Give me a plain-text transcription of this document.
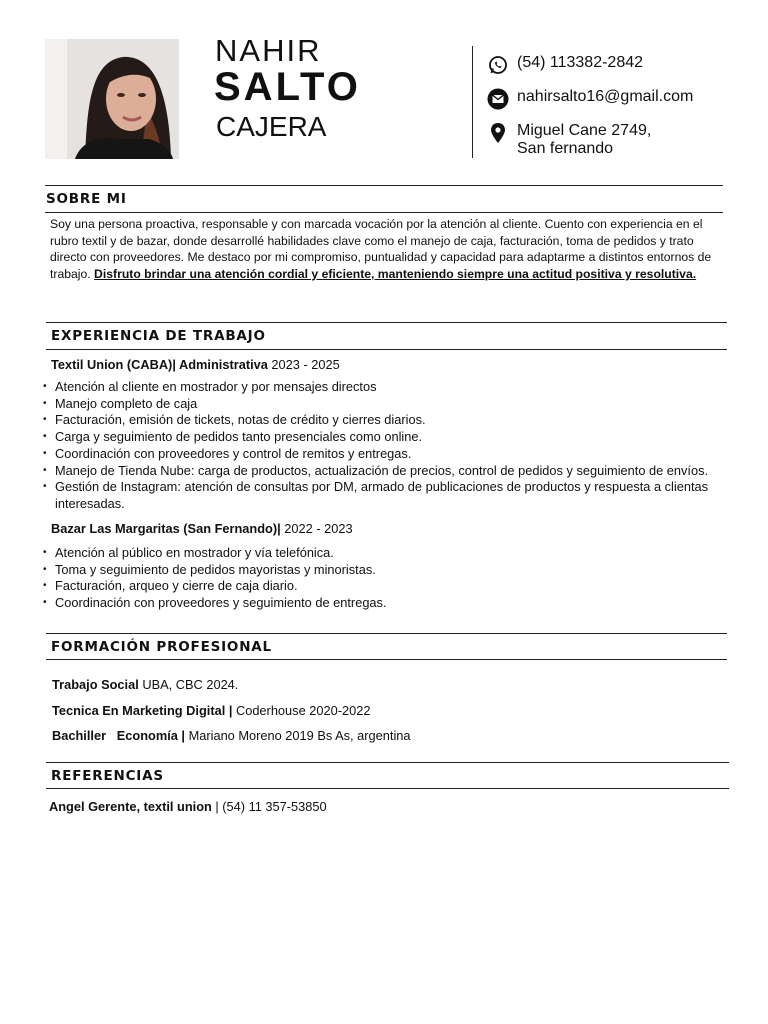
NAHIR
SALTO
CAJERA
(54) 113382-2842
nahirsalto16@gmail.com
Miguel Cane 2749,
San fernando
SOBRE MI

Soy una persona proactiva, responsable y con marcada vocación por la atención al cliente. Cuento con experiencia en el rubro textil y de bazar, donde desarrollé habilidades clave como el manejo de caja, facturación, toma de pedidos y trato directo con proveedores. Me destaco por mi compromiso, puntualidad y capacidad para adaptarme a distintos entornos de trabajo. Disfruto brindar una atención cordial y eficiente, manteniendo siempre una actitud positiva y resolutiva.

EXPERIENCIA DE TRABAJO
Textil Union (CABA)| Administrativa 2023 - 2025
• Atención al cliente en mostrador y por mensajes directos
• Manejo completo de caja
• Facturación, emisión de tickets, notas de crédito y cierres diarios.
• Carga y seguimiento de pedidos tanto presenciales como online.
• Coordinación con proveedores y control de remitos y entregas.
• Manejo de Tienda Nube: carga de productos, actualización de precios, control de pedidos y seguimiento de envíos.
• Gestión de Instagram: atención de consultas por DM, armado de publicaciones de productos y respuesta a clientas interesadas.
Bazar Las Margaritas (San Fernando)| 2022 - 2023
• Atención al público en mostrador y vía telefónica.
• Toma y seguimiento de pedidos mayoristas y minoristas.
• Facturación, arqueo y cierre de caja diario.
• Coordinación con proveedores y seguimiento de entregas.
FORMACIÓN PROFESIONAL
Trabajo Social UBA, CBC 2024.
Tecnica En Marketing Digital | Coderhouse 2020-2022
Bachiller   Economía | Mariano Moreno 2019 Bs As, argentina
REFERENCIAS
Angel Gerente, textil union | (54) 11 357-53850
